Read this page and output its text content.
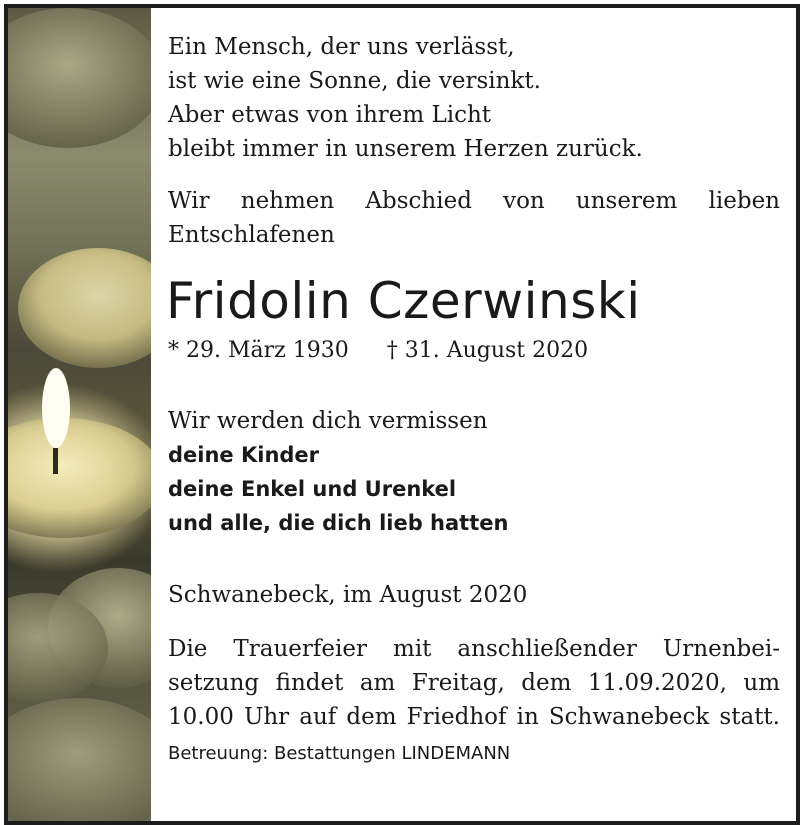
Ein Mensch, der uns verlässt,

ist wie eine Sonne, die versinkt.

Aber etwas von ihrem Licht

bleibt immer in unserem Herzen zurück.

Wir nehmen Abschied von unserem lieben

Entschlafenen

Fridolin Czerwinski
* 29. März 1930 † 31. August 2020

Wir werden dich vermissen

deine Kinder

deine Enkel und Urenkel

und alle, die dich lieb hatten

Schwanebeck, im August 2020

Die Trauerfeier mit anschließender Urnenbei-

setzung findet am Freitag, dem 11.09.2020, um

10.00 Uhr auf dem Friedhof in Schwanebeck statt.

Betreuung: Bestattungen LINDEMANN
